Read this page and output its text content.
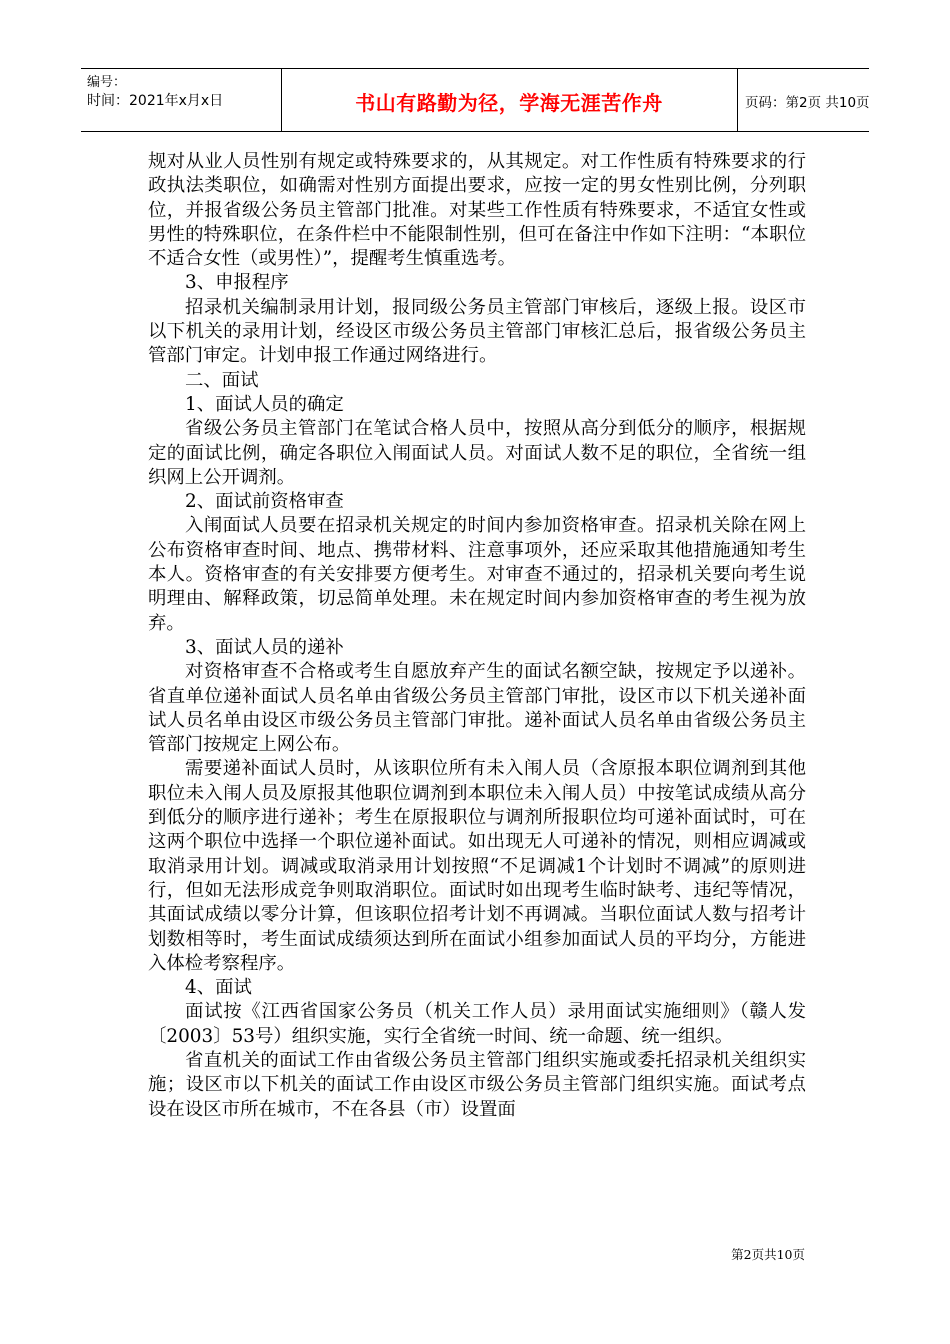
编号：
时间：2021年x月x日	书山有路勤为径，学海无涯苦作舟	页码：第2页 共10页

规对从业人员性别有规定或特殊要求的，从其规定。对工作性质有特殊要求的行政执法类职位，如确需对性别方面提出要求，应按一定的男女性别比例，分列职位，并报省级公务员主管部门批准。对某些工作性质有特殊要求，不适宜女性或男性的特殊职位，在条件栏中不能限制性别，但可在备注中作如下注明：“本职位不适合女性（或男性）”，提醒考生慎重选考。

3、申报程序

招录机关编制录用计划，报同级公务员主管部门审核后，逐级上报。设区市以下机关的录用计划，经设区市级公务员主管部门审核汇总后，报省级公务员主管部门审定。计划申报工作通过网络进行。

二、面试

1、面试人员的确定

省级公务员主管部门在笔试合格人员中，按照从高分到低分的顺序，根据规定的面试比例，确定各职位入闱面试人员。对面试人数不足的职位，全省统一组织网上公开调剂。

2、面试前资格审查

入闱面试人员要在招录机关规定的时间内参加资格审查。招录机关除在网上公布资格审查时间、地点、携带材料、注意事项外，还应采取其他措施通知考生本人。资格审查的有关安排要方便考生。对审查不通过的，招录机关要向考生说明理由、解释政策，切忌简单处理。未在规定时间内参加资格审查的考生视为放弃。

3、面试人员的递补

对资格审查不合格或考生自愿放弃产生的面试名额空缺，按规定予以递补。省直单位递补面试人员名单由省级公务员主管部门审批，设区市以下机关递补面试人员名单由设区市级公务员主管部门审批。递补面试人员名单由省级公务员主管部门按规定上网公布。

需要递补面试人员时，从该职位所有未入闱人员（含原报本职位调剂到其他职位未入闱人员及原报其他职位调剂到本职位未入闱人员）中按笔试成绩从高分到低分的顺序进行递补；考生在原报职位与调剂所报职位均可递补面试时，可在这两个职位中选择一个职位递补面试。如出现无人可递补的情况，则相应调减或取消录用计划。调减或取消录用计划按照“不足调减1个计划时不调减”的原则进行，但如无法形成竞争则取消职位。面试时如出现考生临时缺考、违纪等情况，其面试成绩以零分计算，但该职位招考计划不再调减。当职位面试人数与招考计划数相等时，考生面试成绩须达到所在面试小组参加面试人员的平均分，方能进入体检考察程序。

4、面试

面试按《江西省国家公务员（机关工作人员）录用面试实施细则》（赣人发〔2003〕53号）组织实施，实行全省统一时间、统一命题、统一组织。

省直机关的面试工作由省级公务员主管部门组织实施或委托招录机关组织实施；设区市以下机关的面试工作由设区市级公务员主管部门组织实施。面试考点设在设区市所在城市，不在各县（市）设置面

第2页共10页
